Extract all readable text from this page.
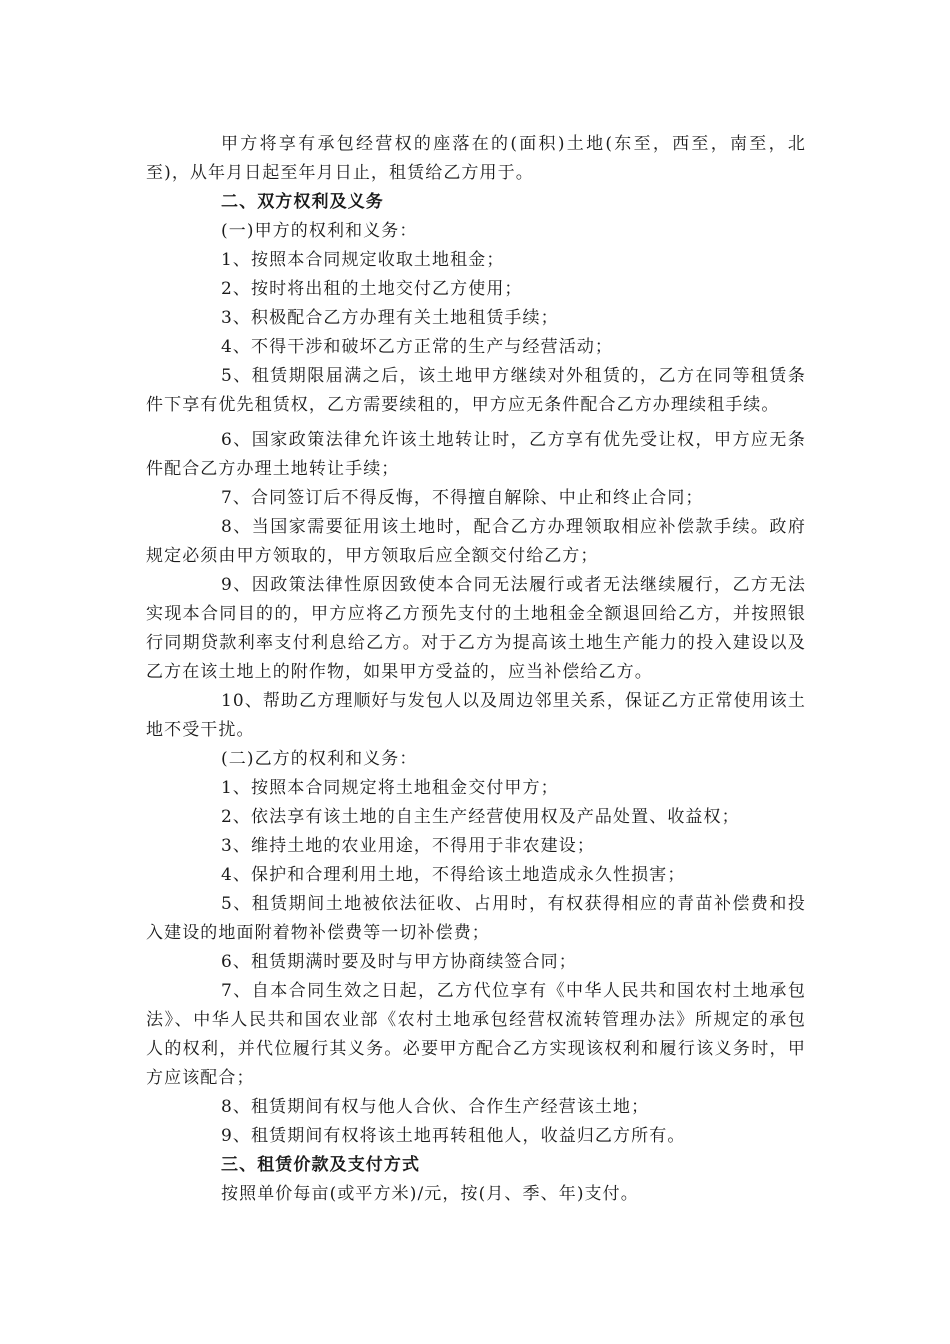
甲方将享有承包经营权的座落在的(面积)土地(东至，西至，南至，北至)，从年月日起至年月日止，租赁给乙方用于。

二、双方权利及义务

(一)甲方的权利和义务：

1、按照本合同规定收取土地租金；

2、按时将出租的土地交付乙方使用；

3、积极配合乙方办理有关土地租赁手续；

4、不得干涉和破坏乙方正常的生产与经营活动；

5、租赁期限届满之后，该土地甲方继续对外租赁的，乙方在同等租赁条件下享有优先租赁权，乙方需要续租的，甲方应无条件配合乙方办理续租手续。

6、国家政策法律允许该土地转让时，乙方享有优先受让权，甲方应无条件配合乙方办理土地转让手续；

7、合同签订后不得反悔，不得擅自解除、中止和终止合同；

8、当国家需要征用该土地时，配合乙方办理领取相应补偿款手续。政府规定必须由甲方领取的，甲方领取后应全额交付给乙方；

9、因政策法律性原因致使本合同无法履行或者无法继续履行，乙方无法实现本合同目的的，甲方应将乙方预先支付的土地租金全额退回给乙方，并按照银行同期贷款利率支付利息给乙方。对于乙方为提高该土地生产能力的投入建设以及乙方在该土地上的附作物，如果甲方受益的，应当补偿给乙方。

10、帮助乙方理顺好与发包人以及周边邻里关系，保证乙方正常使用该土地不受干扰。

(二)乙方的权利和义务：

1、按照本合同规定将土地租金交付甲方；

2、依法享有该土地的自主生产经营使用权及产品处置、收益权；

3、维持土地的农业用途，不得用于非农建设；

4、保护和合理利用土地，不得给该土地造成永久性损害；

5、租赁期间土地被依法征收、占用时，有权获得相应的青苗补偿费和投入建设的地面附着物补偿费等一切补偿费；

6、租赁期满时要及时与甲方协商续签合同；

7、自本合同生效之日起，乙方代位享有《中华人民共和国农村土地承包法》、中华人民共和国农业部《农村土地承包经营权流转管理办法》所规定的承包人的权利，并代位履行其义务。必要甲方配合乙方实现该权利和履行该义务时，甲方应该配合；

8、租赁期间有权与他人合伙、合作生产经营该土地；

9、租赁期间有权将该土地再转租他人，收益归乙方所有。

三、租赁价款及支付方式

按照单价每亩(或平方米)/元，按(月、季、年)支付。
